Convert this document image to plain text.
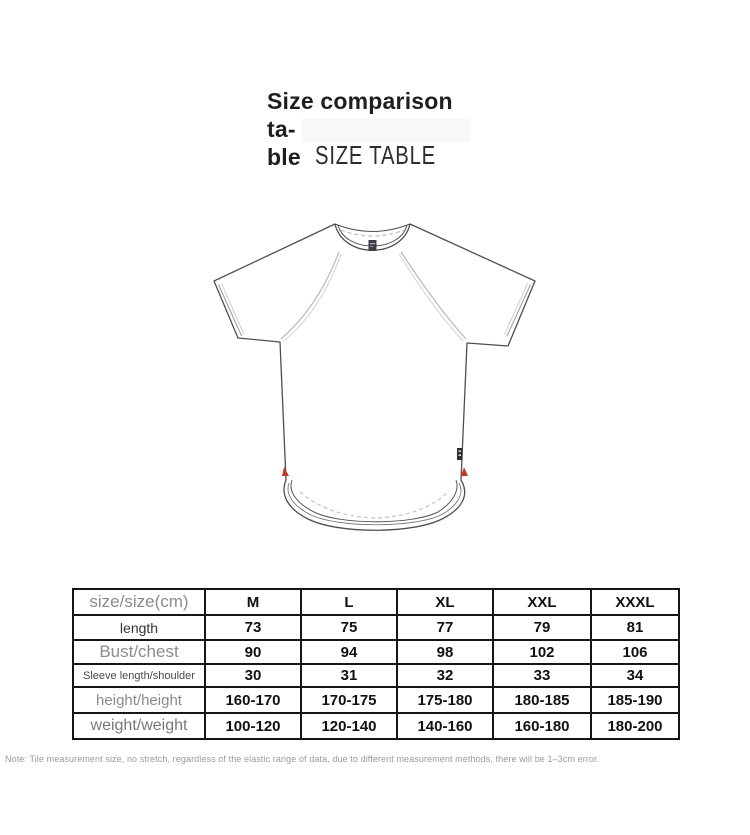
Size comparison ta-
ble SIZE TABLE
size/size(cm)	M	L	XL	XXL	XXXL
length	73	75	77	79	81
Bust/chest	90	94	98	102	106
Sleeve length/shoulder	30	31	32	33	34
height/height	160-170	170-175	175-180	180-185	185-190
weight/weight	100-120	120-140	140-160	160-180	180-200
Note: Tile measurement size, no stretch, regardless of the elastic range of data, due to different measurement methods, there will be 1–3cm error.
